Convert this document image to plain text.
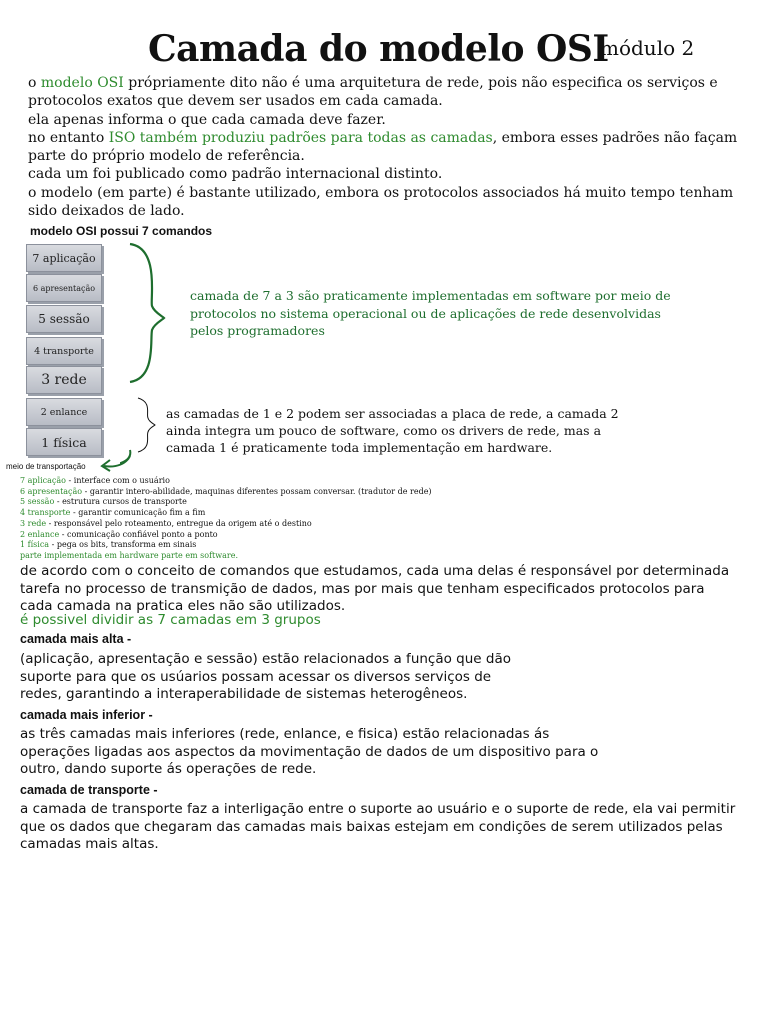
Camada do modelo OSI
módulo 2

o modelo OSI própriamente dito não é uma arquitetura de rede, pois não especifica os serviços e protocolos exatos que devem ser usados em cada camada.

ela apenas informa o que cada camada deve fazer.

no entanto ISO também produziu padrões para todas as camadas, embora esses padrões não façam parte do próprio modelo de referência.

cada um foi publicado como padrão internacional distinto.

o modelo (em parte) é bastante utilizado, embora os protocolos associados há muito tempo tenham sido deixados de lado.

modelo OSI possui 7 comandos
7 aplicação
6 apresentação
5 sessão
4 transporte
3 rede
2 enlance
1 física
camada de 7 a 3 são praticamente implementadas em software por meio de protocolos no sistema operacional ou de aplicações de rede desenvolvidas pelos programadores
as camadas de 1 e 2 podem ser associadas a placa de rede, a camada 2 ainda integra um pouco de software, como os drivers de rede, mas a camada 1 é praticamente toda implementação em hardware.
meio de transportação
7 aplicação - interface com o usuário
6 apresentação - garantir intero-abilidade, maquinas diferentes possam conversar. (tradutor de rede)
5 sessão - estrutura cursos de transporte
4 transporte - garantir comunicação fim a fim
3 rede - responsável pelo roteamento, entregue da origem até o destino
2 enlance - comunicação confiável ponto a ponto
1 física - pega os bits, transforma em sinais
parte implementada em hardware parte em software.
de acordo com o conceito de comandos que estudamos, cada uma delas é responsável por determinada tarefa no processo de transmição de dados, mas por mais que tenham especificados protocolos para cada camada na pratica eles não são utilizados.
é possivel dividir as 7 camadas em 3 grupos
camada mais alta -
(aplicação, apresentação e sessão) estão relacionados a função que dão suporte para que os usúarios possam acessar os diversos serviços de redes, garantindo a interaperabilidade de sistemas heterogêneos.
camada mais inferior -
as três camadas mais inferiores (rede, enlance, e fisica) estão relacionadas ás operações ligadas aos aspectos da movimentação de dados de um dispositivo para o outro, dando suporte ás operações de rede.
camada de transporte -
a camada de transporte faz a interligação entre o suporte ao usuário e o suporte de rede, ela vai permitir que os dados que chegaram das camadas mais baixas estejam em condições de serem utilizados pelas camadas mais altas.
